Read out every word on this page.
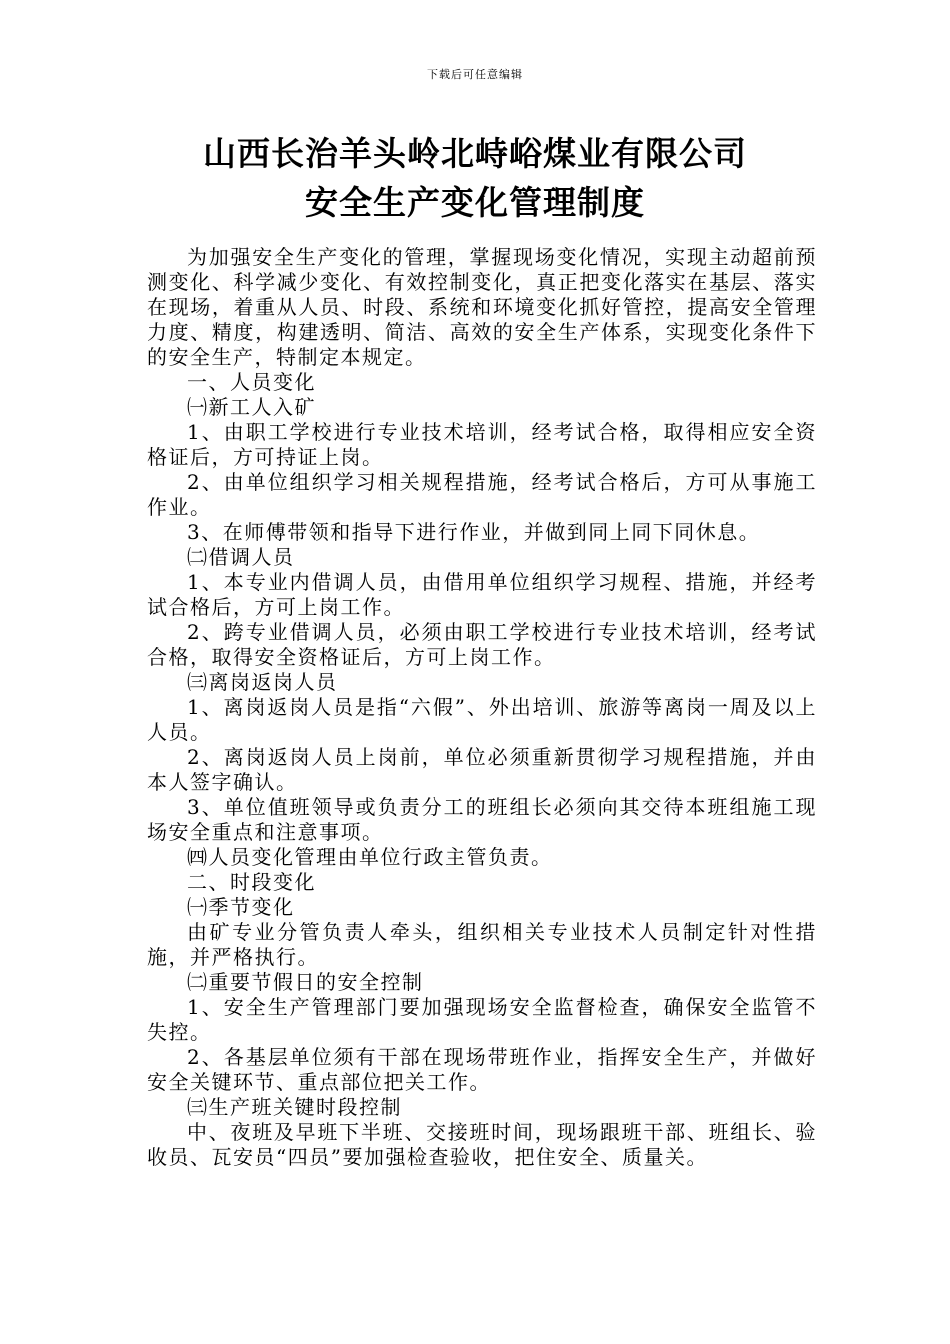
下载后可任意编辑
山西长治羊头岭北峙峪煤业有限公司
安全生产变化管理制度

为加强安全生产变化的管理，掌握现场变化情况，实现主动超前预测变化、科学减少变化、有效控制变化，真正把变化落实在基层、落实在现场，着重从人员、时段、系统和环境变化抓好管控，提高安全管理力度、精度，构建透明、简洁、高效的安全生产体系，实现变化条件下的安全生产，特制定本规定。

一、人员变化

㈠新工人入矿

1、由职工学校进行专业技术培训，经考试合格，取得相应安全资格证后，方可持证上岗。

2、由单位组织学习相关规程措施，经考试合格后，方可从事施工作业。

3、在师傅带领和指导下进行作业，并做到同上同下同休息。

㈡借调人员

1、本专业内借调人员，由借用单位组织学习规程、措施，并经考试合格后，方可上岗工作。

2、跨专业借调人员，必须由职工学校进行专业技术培训，经考试合格，取得安全资格证后，方可上岗工作。

㈢离岗返岗人员

1、离岗返岗人员是指“六假”、外出培训、旅游等离岗一周及以上人员。

2、离岗返岗人员上岗前，单位必须重新贯彻学习规程措施，并由本人签字确认。

3、单位值班领导或负责分工的班组长必须向其交待本班组施工现场安全重点和注意事项。

㈣人员变化管理由单位行政主管负责。

二、时段变化

㈠季节变化

由矿专业分管负责人牵头，组织相关专业技术人员制定针对性措施，并严格执行。

㈡重要节假日的安全控制

1、安全生产管理部门要加强现场安全监督检查，确保安全监管不失控。

2、各基层单位须有干部在现场带班作业，指挥安全生产，并做好安全关键环节、重点部位把关工作。

㈢生产班关键时段控制

中、夜班及早班下半班、交接班时间，现场跟班干部、班组长、验收员、瓦安员“四员”要加强检查验收，把住安全、质量关。
